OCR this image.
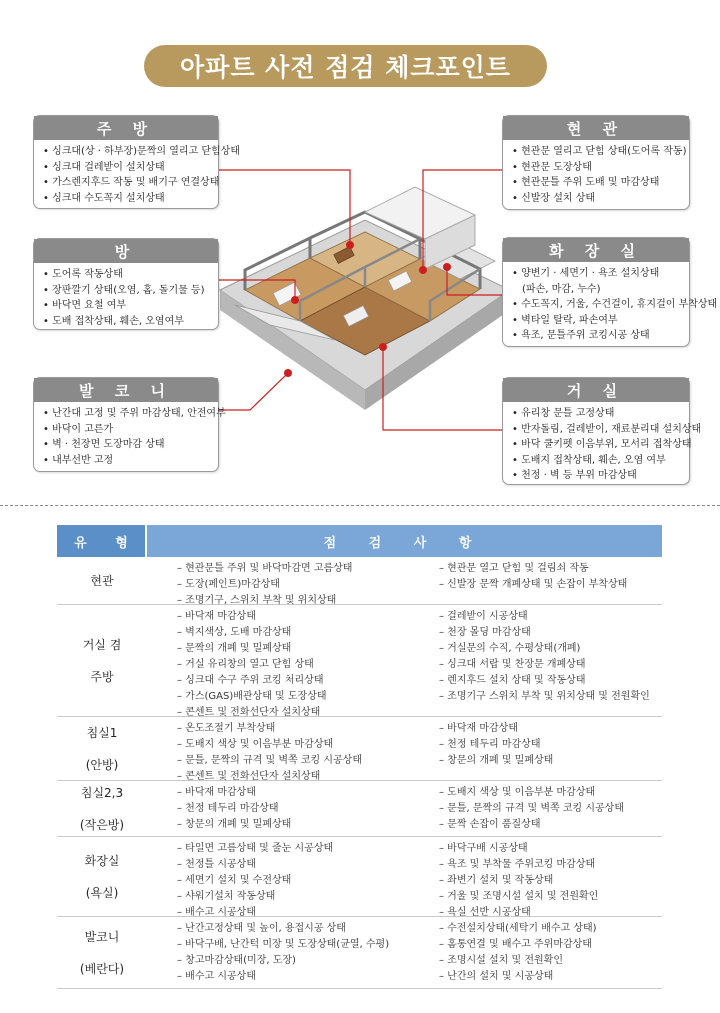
아파트 사전 점검 체크포인트
주 방
• 싱크대(상 · 하부장)문짝의 열리고 닫힘상태
• 싱크대 걸레받이 설치상태
• 가스렌지후드 작동 및 배기구 연결상태
• 싱크대 수도꼭지 설치상태
방
• 도어록 작동상태
• 장판깔기 상태(오염, 홈, 돌기물 등)
• 바닥면 요철 여부
• 도배 접착상태, 훼손, 오염여부
발 코 니
• 난간대 고정 및 주위 마감상태, 안전여부
• 바닥이 고른가
• 벽 · 천장면 도장마감 상태
• 내부선반 고정
현 관
• 현관문 열리고 닫힘 상태(도어록 작동)
• 현관문 도장상태
• 현관문틀 주위 도배 및 마감상태
• 신발장 설치 상태
화 장 실
• 양변기 · 세면기 · 욕조 설치상태
(파손, 마감, 누수)
• 수도꼭지, 거울, 수건걸이, 휴지걸이 부착상태
• 벽타일 탈락, 파손여부
• 욕조, 문틀주위 코킹시공 상태
거 실
• 유리창 문틀 고정상태
• 반자돌림, 걸레받이, 재료분리대 설치상태
• 바닥 쿨키펫 이음부위, 모서리 접착상태
• 도배지 접착상태, 훼손, 오염 여부
• 천정 · 벽 등 부위 마감상태
유 형	점 검 사 항
현관
– 현관문틀 주위 및 바닥마감면 고름상태
– 도장(페인트)마감상태
– 조명기구, 스위치 부착 및 위치상태
– 현관문 열고 닫힘 및 걸림쇠 작동
– 신발장 문짝 개폐상태 및 손잡이 부착상태
거실 겸

주방
– 바닥재 마감상태
– 벽지색상, 도배 마감상태
– 문짝의 개폐 및 밀폐상태
– 거실 유리창의 열고 닫힘 상태
– 싱크대 수구 주위 코킹 처리상태
– 가스(GAS)배관상태 및 도장상태
– 콘센트 및 전화선단자 설치상태
– 걸레받이 시공상태
– 천장 몰딩 마감상태
– 거실문의 수직, 수평상태(개폐)
– 싱크대 서랍 및 찬장문 개폐상태
– 렌지후드 설치 상태 및 작동상태
– 조명기구 스위치 부착 및 위치상태 및 전원확인
침실1

(안방)
– 온도조절기 부착상태
– 도배지 색상 및 이음부분 마감상태
– 문틀, 문짝의 규격 및 벽쪽 코킹 시공상태
– 콘센트 및 전화선단자 설치상태
– 바닥재 마감상태
– 천정 테두리 마감상태
– 창문의 개폐 및 밀폐상태
침실2,3

(작은방)
– 바닥재 마감상태
– 천정 테두리 마감상태
– 창문의 개폐 및 밀폐상태
– 도배지 색상 및 이음부분 마감상태
– 문틀, 문짝의 규격 및 벽쪽 코킹 시공상태
– 문짝 손잡이 품질상태
화장실

(욕실)
– 타일면 고름상태 및 줄눈 시공상태
– 천정틀 시공상태
– 세면기 설치 및 수전상태
– 샤워기설치 작동상태
– 배수고 시공상태
– 바닥구배 시공상태
– 욕조 및 부착물 주위코킹 마감상태
– 좌변기 설치 및 작동상태
– 거울 및 조명시설 설치 및 전원확인
– 욕실 선반 시공상태
발코니

(베란다)
– 난간고정상태 및 높이, 용접시공 상태
– 바닥구배, 난간턱 미장 및 도장상태(균열, 수평)
– 창고마감상태(미장, 도장)
– 배수고 시공상태
– 수전설치상태(세탁기 배수고 상태)
– 홈통연결 및 배수고 주위마감상태
– 조명시설 설치 및 전원확인
– 난간의 설치 및 시공상태
